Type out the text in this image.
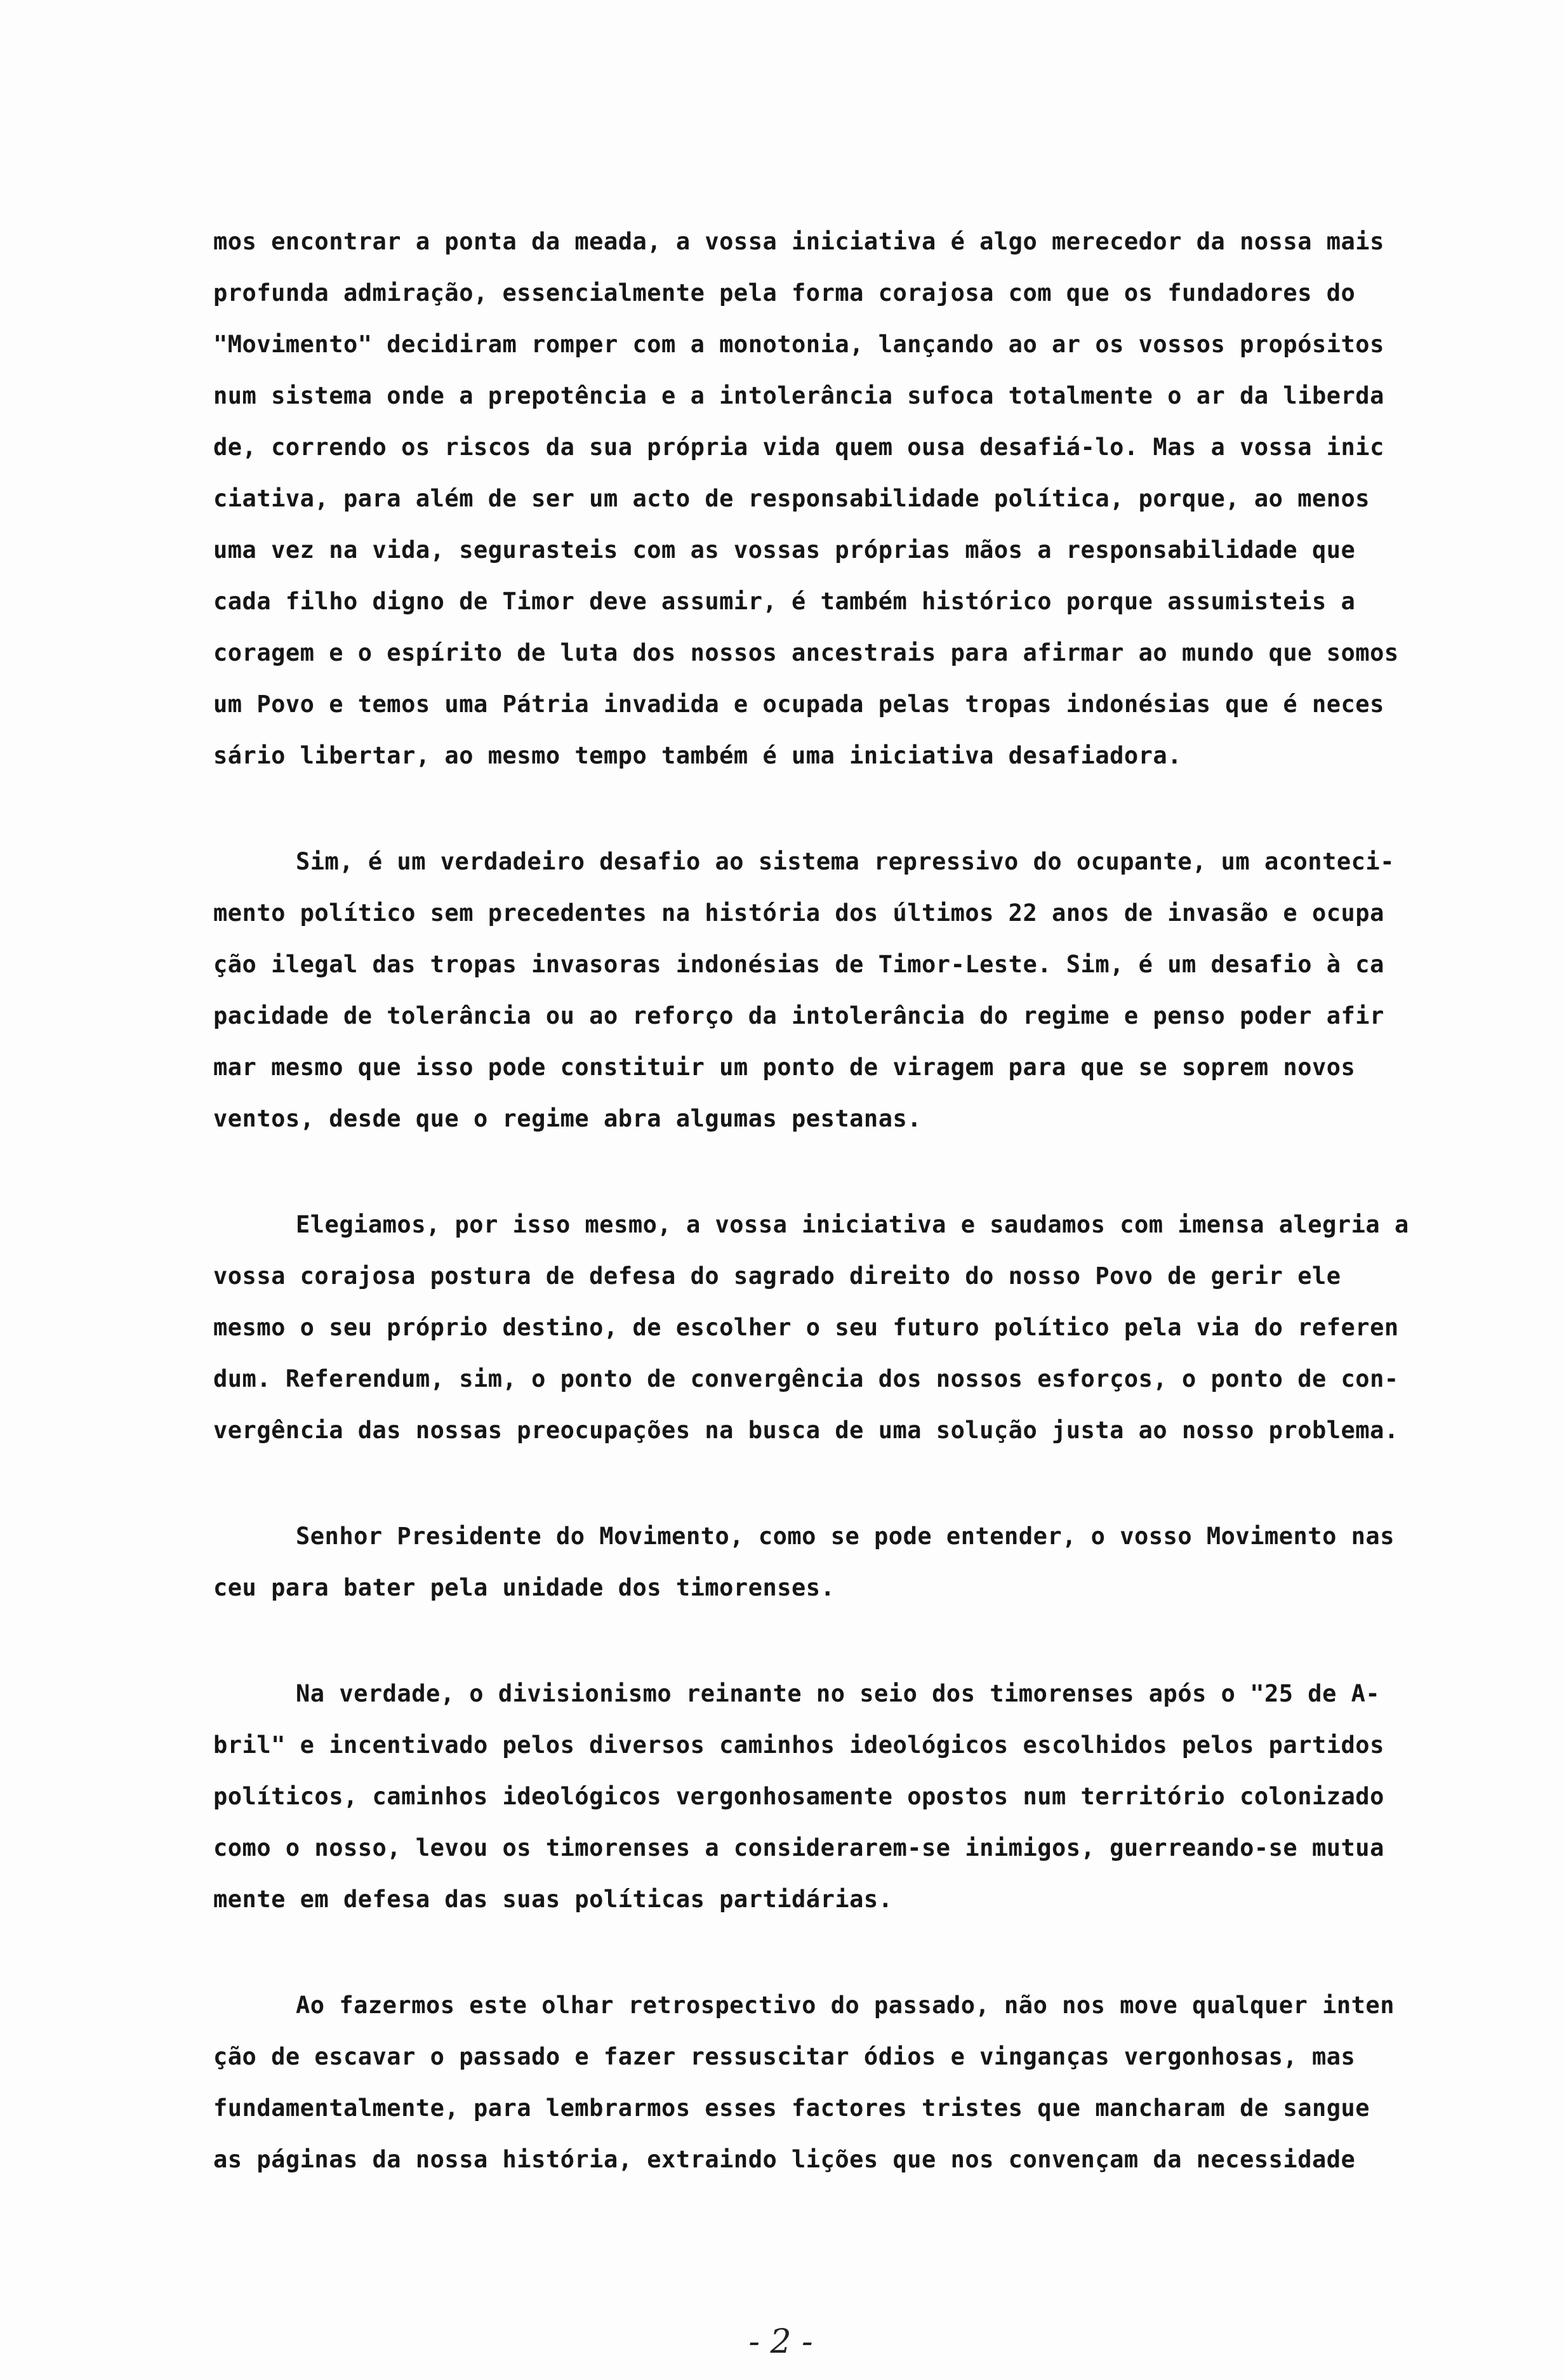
mos encontrar a ponta da meada, a vossa iniciativa é algo merecedor da nossa mais
profunda admiração, essencialmente pela forma corajosa com que os fundadores do
"Movimento" decidiram romper com a monotonia, lançando ao ar os vossos propósitos
num sistema onde a prepotência e a intolerância sufoca totalmente o ar da liberda
de, correndo os riscos da sua própria vida quem ousa desafiá-lo. Mas a vossa inic
ciativa, para além de ser um acto de responsabilidade política, porque, ao menos
uma vez na vida, segurasteis com as vossas próprias mãos a responsabilidade que
cada filho digno de Timor deve assumir, é também histórico porque assumisteis a
coragem e o espírito de luta dos nossos ancestrais para afirmar ao mundo que somos
um Povo e temos uma Pátria invadida e ocupada pelas tropas indonésias que é neces
sário libertar, ao mesmo tempo também é uma iniciativa desafiadora.
Sim, é um verdadeiro desafio ao sistema repressivo do ocupante, um aconteci-
mento político sem precedentes na história dos últimos 22 anos de invasão e ocupa
ção ilegal das tropas invasoras indonésias de Timor-Leste. Sim, é um desafio à ca
pacidade de tolerância ou ao reforço da intolerância do regime e penso poder afir
mar mesmo que isso pode constituir um ponto de viragem para que se soprem novos
ventos, desde que o regime abra algumas pestanas.
Elegiamos, por isso mesmo, a vossa iniciativa e saudamos com imensa alegria a
vossa corajosa postura de defesa do sagrado direito do nosso Povo de gerir ele
mesmo o seu próprio destino, de escolher o seu futuro político pela via do referen
dum. Referendum, sim, o ponto de convergência dos nossos esforços, o ponto de con-
vergência das nossas preocupações na busca de uma solução justa ao nosso problema.
Senhor Presidente do Movimento, como se pode entender, o vosso Movimento nas
ceu para bater pela unidade dos timorenses.
Na verdade, o divisionismo reinante no seio dos timorenses após o "25 de A-
bril" e incentivado pelos diversos caminhos ideológicos escolhidos pelos partidos
políticos, caminhos ideológicos vergonhosamente opostos num território colonizado
como o nosso, levou os timorenses a considerarem-se inimigos, guerreando-se mutua
mente em defesa das suas políticas partidárias.
Ao fazermos este olhar retrospectivo do passado, não nos move qualquer inten
ção de escavar o passado e fazer ressuscitar ódios e vinganças vergonhosas, mas
fundamentalmente, para lembrarmos esses factores tristes que mancharam de sangue
as páginas da nossa história, extraindo lições que nos convençam da necessidade
- 2 -
